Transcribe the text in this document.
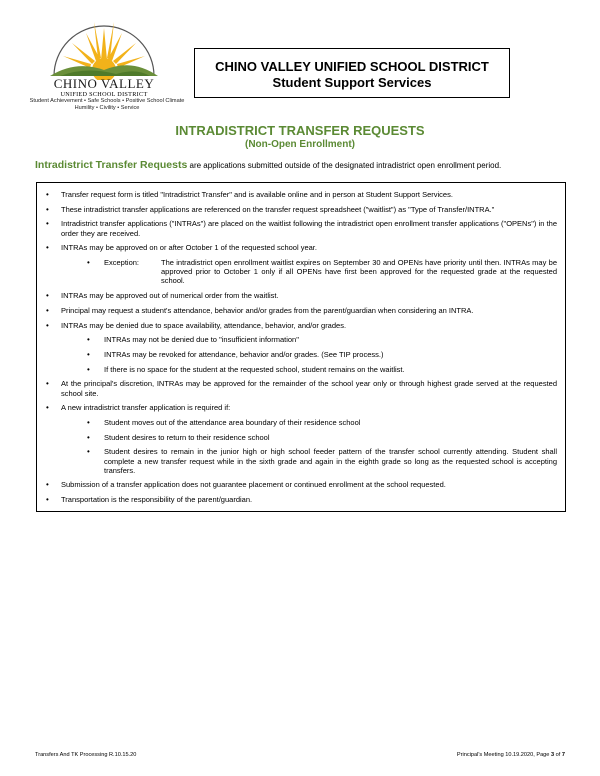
CHINO VALLEY
UNIFIED SCHOOL DISTRICT
Student Achievement • Safe Schools • Positive School Climate
Humility • Civility • Service
CHINO VALLEY UNIFIED SCHOOL DISTRICT
Student Support Services
INTRADISTRICT TRANSFER REQUESTS
(Non-Open Enrollment)
Intradistrict Transfer Requests are applications submitted outside of the designated intradistrict open enrollment period.
• Transfer request form is titled "Intradistrict Transfer" and is available online and in person at Student Support Services.
• These intradistrict transfer applications are referenced on the transfer request spreadsheet ("waitlist") as "Type of Transfer/INTRA."
• Intradistrict transfer applications ("INTRAs") are placed on the waitlist following the intradistrict open enrollment transfer applications ("OPENs") in the order they are received.
• INTRAs may be approved on or after October 1 of the requested school year.
• Exception:	The intradistrict open enrollment waitlist expires on September 30 and OPENs have priority until then. INTRAs may be approved prior to October 1 only if all OPENs have first been approved for the requested grade at the requested school.
• INTRAs may be approved out of numerical order from the waitlist.
• Principal may request a student's attendance, behavior and/or grades from the parent/guardian when considering an INTRA.
• INTRAs may be denied due to space availability, attendance, behavior, and/or grades.
• INTRAs may not be denied due to "insufficient information"
• INTRAs may be revoked for attendance, behavior and/or grades. (See TIP process.)
• If there is no space for the student at the requested school, student remains on the waitlist.
• At the principal's discretion, INTRAs may be approved for the remainder of the school year only or through highest grade served at the requested school site.
• A new intradistrict transfer application is required if:
• Student moves out of the attendance area boundary of their residence school
• Student desires to return to their residence school
• Student desires to remain in the junior high or high school feeder pattern of the transfer school currently attending. Student shall complete a new transfer request while in the sixth grade and again in the eighth grade so long as the requested school is accepting transfers.
• Submission of a transfer application does not guarantee placement or continued enrollment at the school requested.
• Transportation is the responsibility of the parent/guardian.
Transfers And TK Processing R.10.15.20	Principal's Meeting 10.19.2020, Page 3 of 7
